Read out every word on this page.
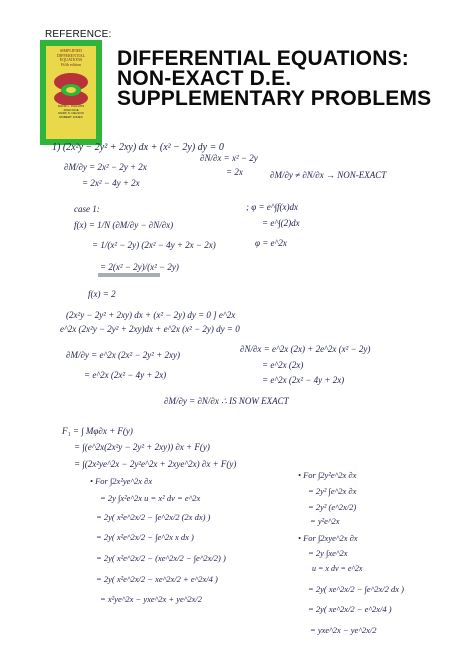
REFERENCE:
SIMPLIFIED DIFFERENTIAL
EQUATIONS
Fifth edition
DAVID L. PHILLIPS
JOHN DOE
MARK S. NELSON
ROBERT JONES
DIFFERENTIAL EQUATIONS:
NON-EXACT D.E.
SUPPLEMENTARY PROBLEMS
1) (2x²y − 2y² + 2xy) dx + (x² − 2y) dy = 0
∂M/∂y = 2x² − 2y + 2x
= 2x² − 4y + 2x
∂N/∂x = x² − 2y
= 2x	∂M/∂y ≠ ∂N/∂x → NON-EXACT
case 1:
f(x) = 1/N (∂M/∂y − ∂N/∂x)
= 1/(x² − 2y) (2x² − 4y + 2x − 2x)
= 2(x² − 2y)/(x² − 2y)
f(x) = 2
; φ = e^∫f(x)dx
= e^∫(2)dx
φ = e^2x
(2x²y − 2y² + 2xy) dx + (x² − 2y) dy = 0 ] e^2x
e^2x (2x²y − 2y² + 2xy)dx + e^2x (x² − 2y) dy = 0
∂M/∂y = e^2x (2x² − 2y² + 2xy)
= e^2x (2x² − 4y + 2x)
∂N/∂x = e^2x (2x) + 2e^2x (x² − 2y)
= e^2x (2x)
= e^2x (2x² − 4y + 2x)
∂M/∂y = ∂N/∂x ∴ IS NOW EXACT
F₁ = ∫ Mφ∂x + F(y)
= ∫(e^2x(2x²y − 2y² + 2xy)) ∂x + F(y)
= ∫(2x²ye^2x − 2y²e^2x + 2xye^2x) ∂x + F(y)
• For ∫2x²ye^2x ∂x
= 2y ∫x²e^2x u = x² dv = e^2x
= 2y( x²e^2x/2 − ∫e^2x/2 (2x dx) )
= 2y( x²e^2x/2 − ∫e^2x x dx )
= 2y( x²e^2x/2 − (xe^2x/2 − ∫e^2x/2) )
= 2y( x²e^2x/2 − xe^2x/2 + e^2x/4 )
= x²ye^2x − yxe^2x + ye^2x/2
• For ∫2y²e^2x ∂x
= 2y² ∫e^2x ∂x
= 2y² (e^2x/2)
= y²e^2x
• For ∫2xye^2x ∂x
= 2y ∫xe^2x
u = x dv = e^2x
= 2y( xe^2x/2 − ∫e^2x/2 dx )
= 2y( xe^2x/2 − e^2x/4 )
= yxe^2x − ye^2x/2
